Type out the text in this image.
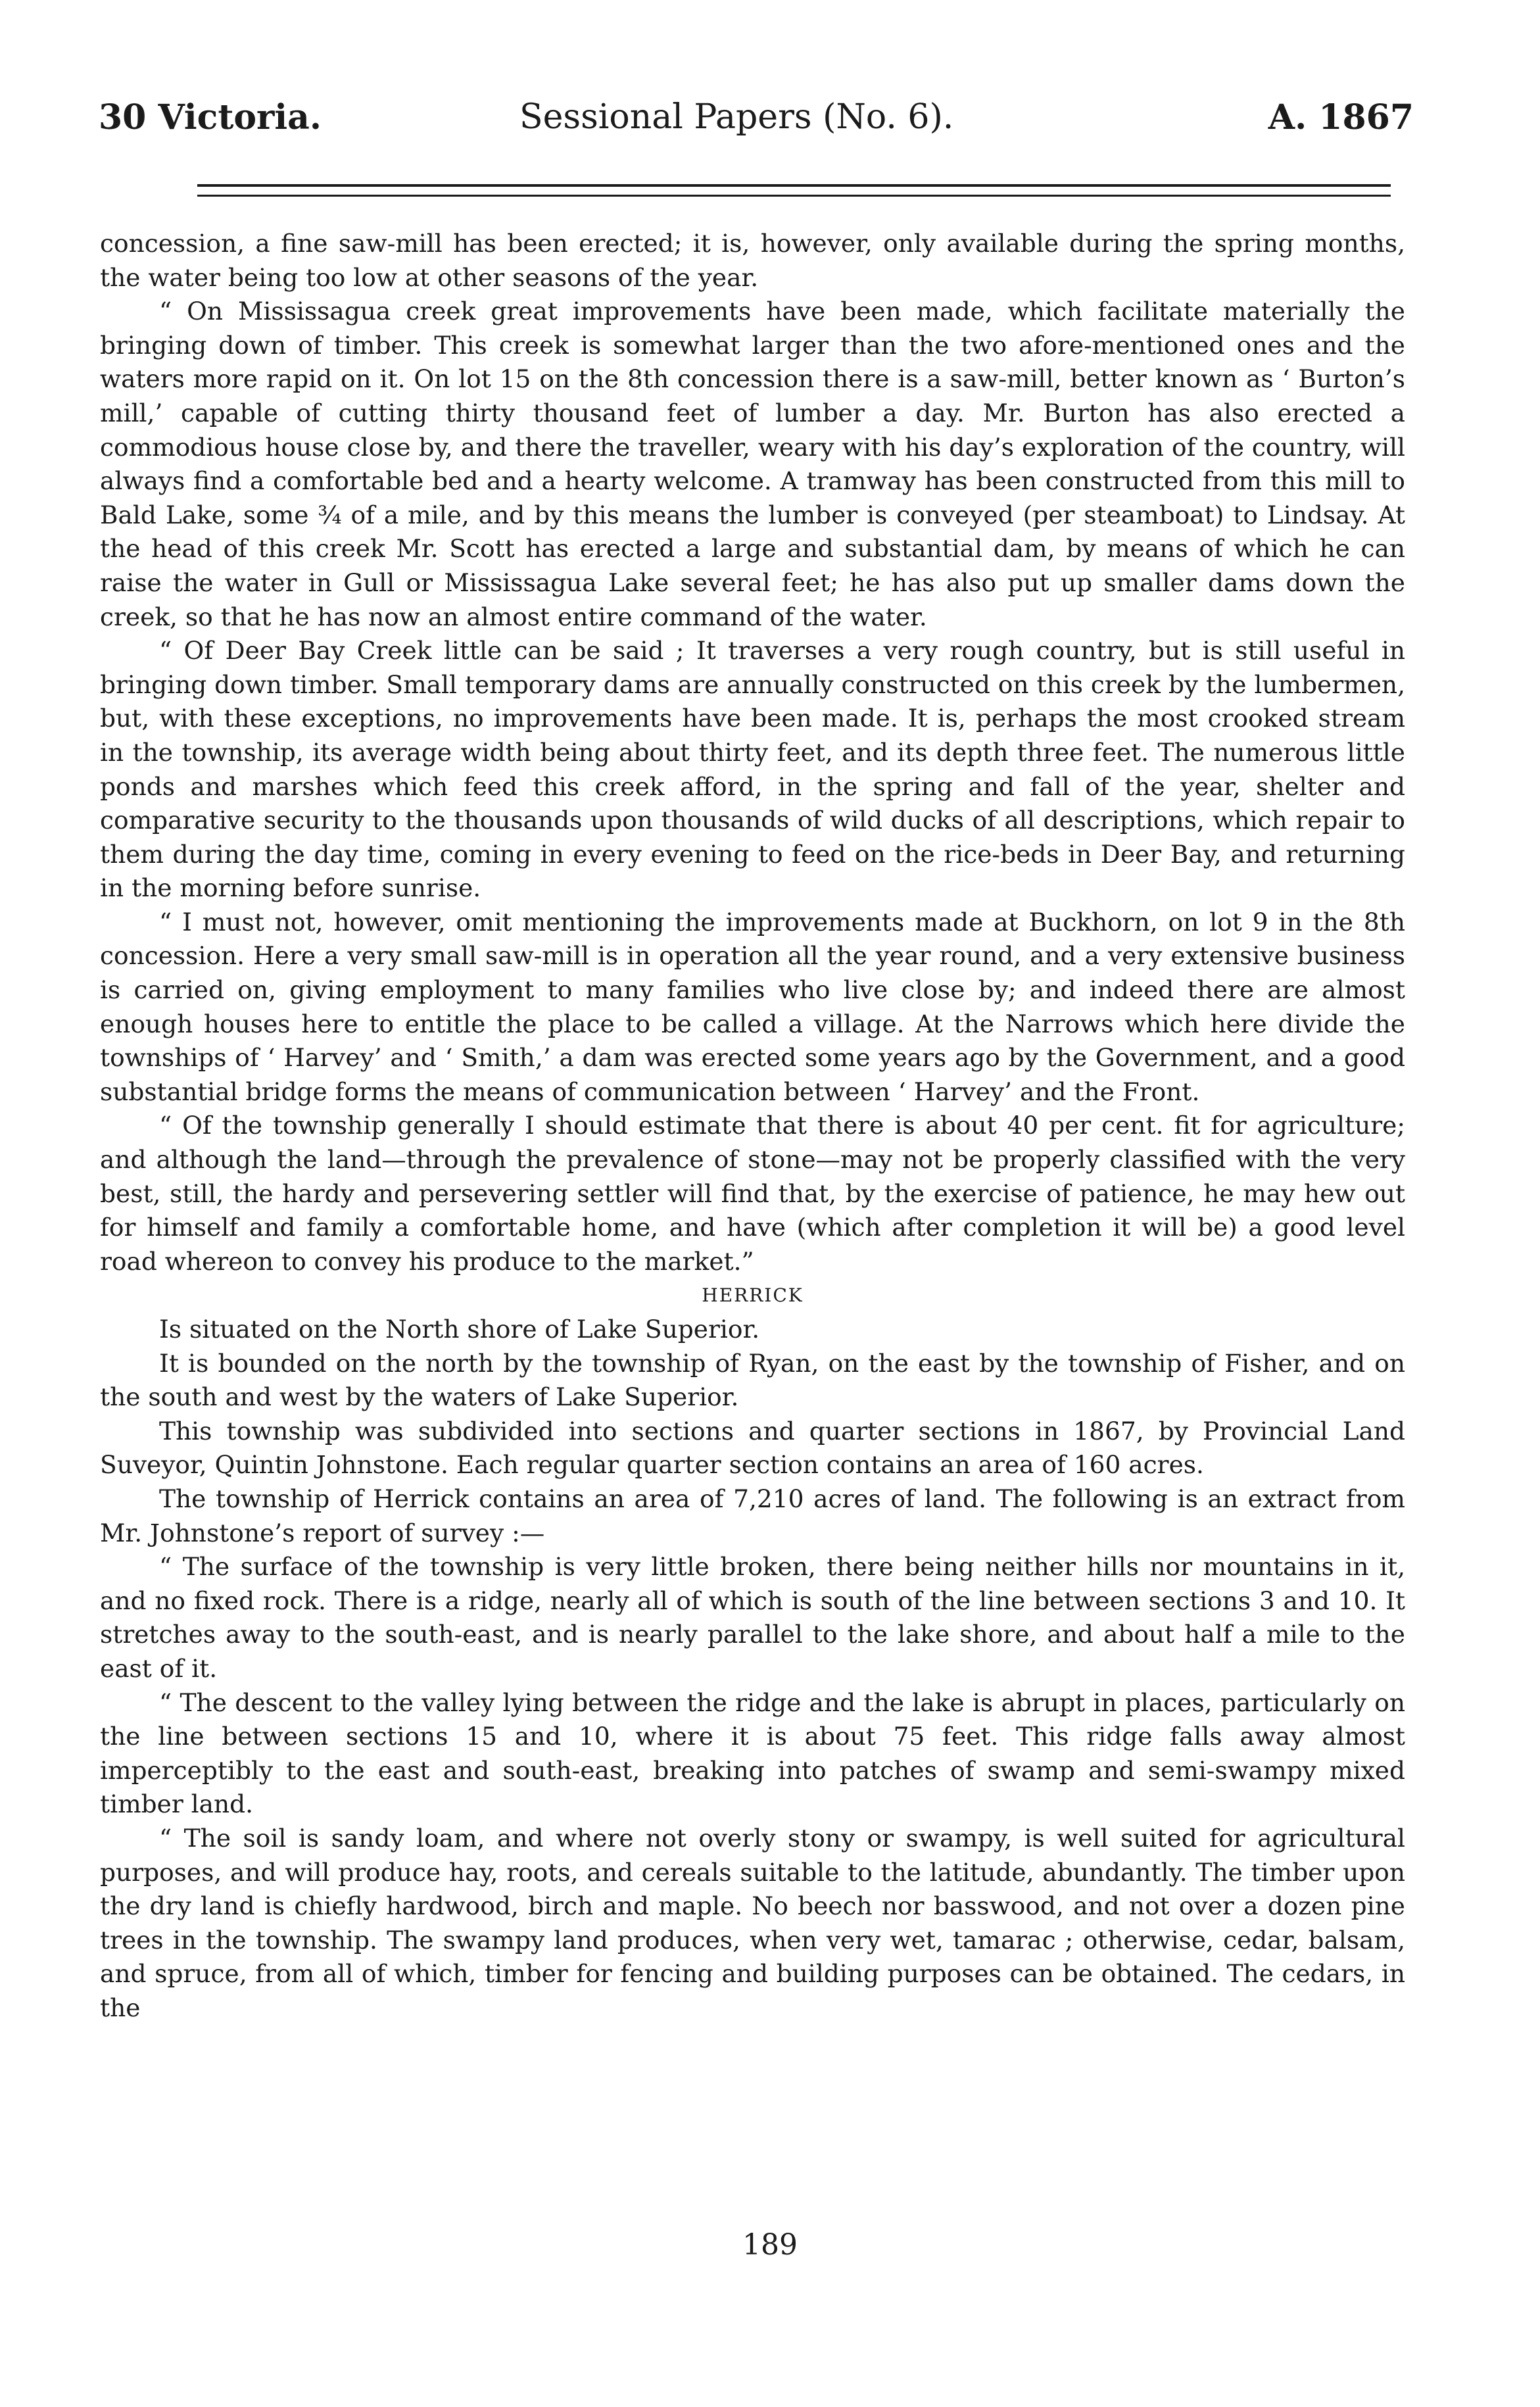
30 Victoria.	Sessional Papers (No. 6).	A. 1867

concession, a fine saw-mill has been erected; it is, however, only available during the spring months, the water being too low at other seasons of the year.

“ On Mississagua creek great improvements have been made, which facilitate materially the bringing down of timber. This creek is somewhat larger than the two afore-mentioned ones and the waters more rapid on it. On lot 15 on the 8th concession there is a saw-mill, better known as ‘ Burton’s mill,’ capable of cutting thirty thousand feet of lumber a day. Mr. Burton has also erected a commodious house close by, and there the traveller, weary with his day’s exploration of the country, will always find a comfortable bed and a hearty welcome. A tramway has been constructed from this mill to Bald Lake, some ¾ of a mile, and by this means the lumber is conveyed (per steamboat) to Lindsay. At the head of this creek Mr. Scott has erected a large and substantial dam, by means of which he can raise the water in Gull or Mississagua Lake several feet; he has also put up smaller dams down the creek, so that he has now an almost entire command of the water.

“ Of Deer Bay Creek little can be said ; It traverses a very rough country, but is still useful in bringing down timber. Small temporary dams are annually constructed on this creek by the lumbermen, but, with these exceptions, no improvements have been made. It is, perhaps the most crooked stream in the township, its average width being about thirty feet, and its depth three feet. The numerous little ponds and marshes which feed this creek afford, in the spring and fall of the year, shelter and comparative security to the thousands upon thousands of wild ducks of all descriptions, which repair to them during the day time, coming in every evening to feed on the rice-beds in Deer Bay, and returning in the morning before sunrise.

“ I must not, however, omit mentioning the improvements made at Buckhorn, on lot 9 in the 8th concession. Here a very small saw-mill is in operation all the year round, and a very extensive business is carried on, giving employment to many families who live close by; and indeed there are almost enough houses here to entitle the place to be called a village. At the Narrows which here divide the townships of ‘ Harvey’ and ‘ Smith,’ a dam was erected some years ago by the Government, and a good substantial bridge forms the means of communication between ‘ Harvey’ and the Front.

“ Of the township generally I should estimate that there is about 40 per cent. fit for agriculture; and although the land—through the prevalence of stone—may not be properly classified with the very best, still, the hardy and persevering settler will find that, by the exercise of patience, he may hew out for himself and family a comfortable home, and have (which after completion it will be) a good level road whereon to convey his produce to the market.”

HERRICK

Is situated on the North shore of Lake Superior.

It is bounded on the north by the township of Ryan, on the east by the township of Fisher, and on the south and west by the waters of Lake Superior.

This township was subdivided into sections and quarter sections in 1867, by Provincial Land Suveyor, Quintin Johnstone. Each regular quarter section contains an area of 160 acres.

The township of Herrick contains an area of 7,210 acres of land. The following is an extract from Mr. Johnstone’s report of survey :—

“ The surface of the township is very little broken, there being neither hills nor mountains in it, and no fixed rock. There is a ridge, nearly all of which is south of the line between sections 3 and 10. It stretches away to the south-east, and is nearly parallel to the lake shore, and about half a mile to the east of it.

“ The descent to the valley lying between the ridge and the lake is abrupt in places, particularly on the line between sections 15 and 10, where it is about 75 feet. This ridge falls away almost imperceptibly to the east and south-east, breaking into patches of swamp and semi-swampy mixed timber land.

“ The soil is sandy loam, and where not overly stony or swampy, is well suited for agricultural purposes, and will produce hay, roots, and cereals suitable to the latitude, abundantly. The timber upon the dry land is chiefly hardwood, birch and maple. No beech nor basswood, and not over a dozen pine trees in the township. The swampy land produces, when very wet, tamarac ; otherwise, cedar, balsam, and spruce, from all of which, timber for fencing and building purposes can be obtained. The cedars, in the

189
